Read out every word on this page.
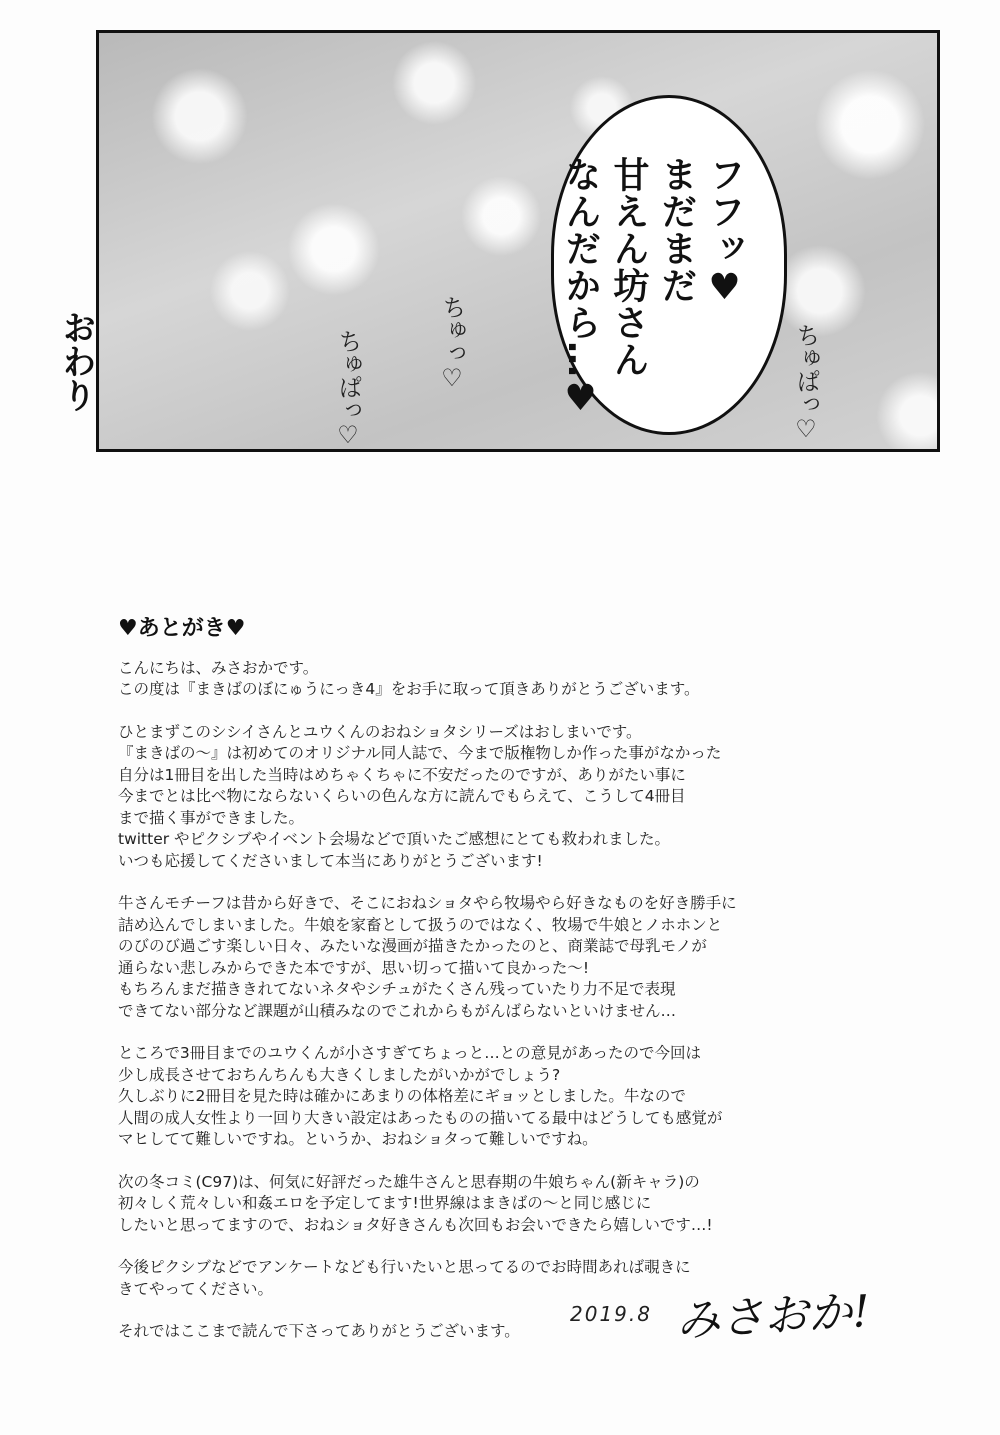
ちゅぱっ♡	ちゅっ♡	ちゅぱっ♡
フフッ♥
まだまだ
甘えん坊さん
なんだから…♥
おわり
♥あとがき♥

こんにちは、みさおかです。
この度は『まきばのぼにゅうにっき4』をお手に取って頂きありがとうございます。

ひとまずこのシシイさんとユウくんのおねショタシリーズはおしまいです。
『まきばの～』は初めてのオリジナル同人誌で、今まで版権物しか作った事がなかった
自分は1冊目を出した当時はめちゃくちゃに不安だったのですが、ありがたい事に
今までとは比べ物にならないくらいの色んな方に読んでもらえて、こうして4冊目
まで描く事ができました。
twitter やピクシブやイベント会場などで頂いたご感想にとても救われました。
いつも応援してくださいまして本当にありがとうございます!

牛さんモチーフは昔から好きで、そこにおねショタやら牧場やら好きなものを好き勝手に
詰め込んでしまいました。牛娘を家畜として扱うのではなく、牧場で牛娘とノホホンと
のびのび過ごす楽しい日々、みたいな漫画が描きたかったのと、商業誌で母乳モノが
通らない悲しみからできた本ですが、思い切って描いて良かった～!
もちろんまだ描ききれてないネタやシチュがたくさん残っていたり力不足で表現
できてない部分など課題が山積みなのでこれからもがんばらないといけません…

ところで3冊目までのユウくんが小さすぎてちょっと…との意見があったので今回は
少し成長させておちんちんも大きくしましたがいかがでしょう?
久しぶりに2冊目を見た時は確かにあまりの体格差にギョッとしました。牛なので
人間の成人女性より一回り大きい設定はあったものの描いてる最中はどうしても感覚が
マヒしてて難しいですね。というか、おねショタって難しいですね。

次の冬コミ(C97)は、何気に好評だった雄牛さんと思春期の牛娘ちゃん(新キャラ)の
初々しく荒々しい和姦エロを予定してます!世界線はまきばの～と同じ感じに
したいと思ってますので、おねショタ好きさんも次回もお会いできたら嬉しいです…!

今後ピクシブなどでアンケートなども行いたいと思ってるのでお時間あれば覗きに
きてやってください。

それではここまで読んで下さってありがとうございます。

2019.8 みさおか!
